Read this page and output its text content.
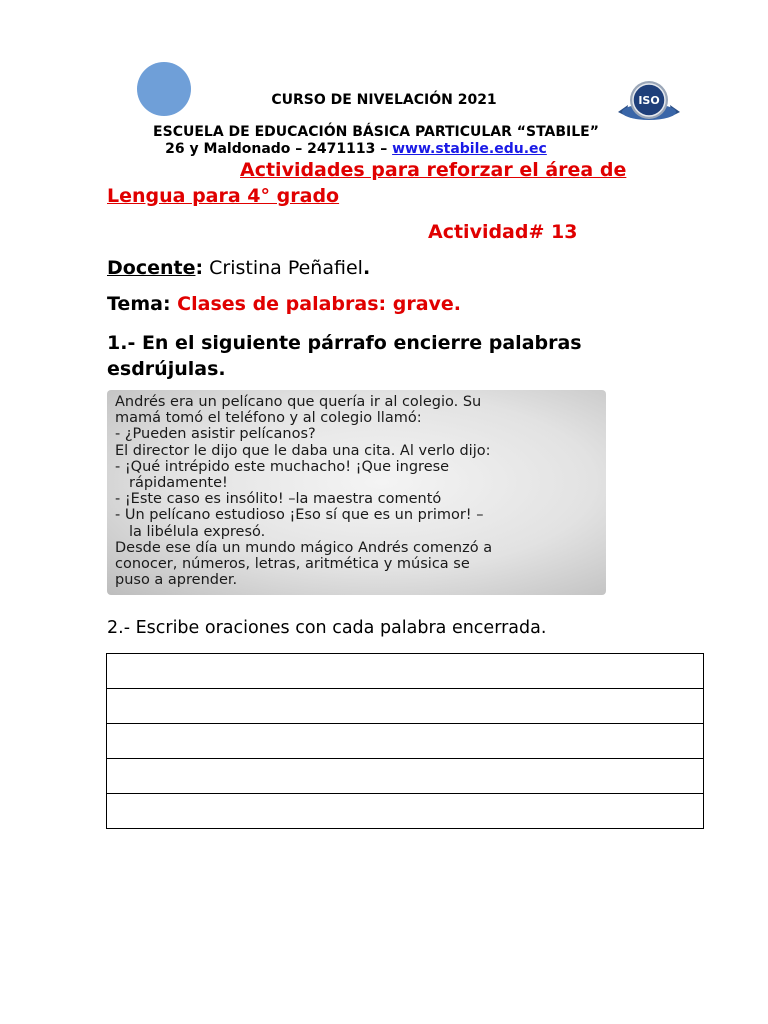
ISO
CURSO DE NIVELACIÓN 2021
ESCUELA DE EDUCACIÓN BÁSICA PARTICULAR “STABILE”
26 y Maldonado – 2471113 – www.stabile.edu.ec
Actividades para reforzar el área de
Lengua para 4° grado
Actividad# 13
Docente: Cristina Peñafiel.
Tema: Clases de palabras: grave.
1.- En el siguiente párrafo encierre palabras esdrújulas.
Andrés era un pelícano que quería ir al colegio. Su
mamá tomó el teléfono y al colegio llamó:
- ¿Pueden asistir pelícanos?
El director le dijo que le daba una cita. Al verlo dijo:
- ¡Qué intrépido este muchacho! ¡Que ingrese
rápidamente!
- ¡Este caso es insólito! –la maestra comentó
- Un pelícano estudioso ¡Eso sí que es un primor! –
la libélula expresó.
Desde ese día un mundo mágico Andrés comenzó a
conocer, números, letras, aritmética y música se
puso a aprender.
2.- Escribe oraciones con cada palabra encerrada.
